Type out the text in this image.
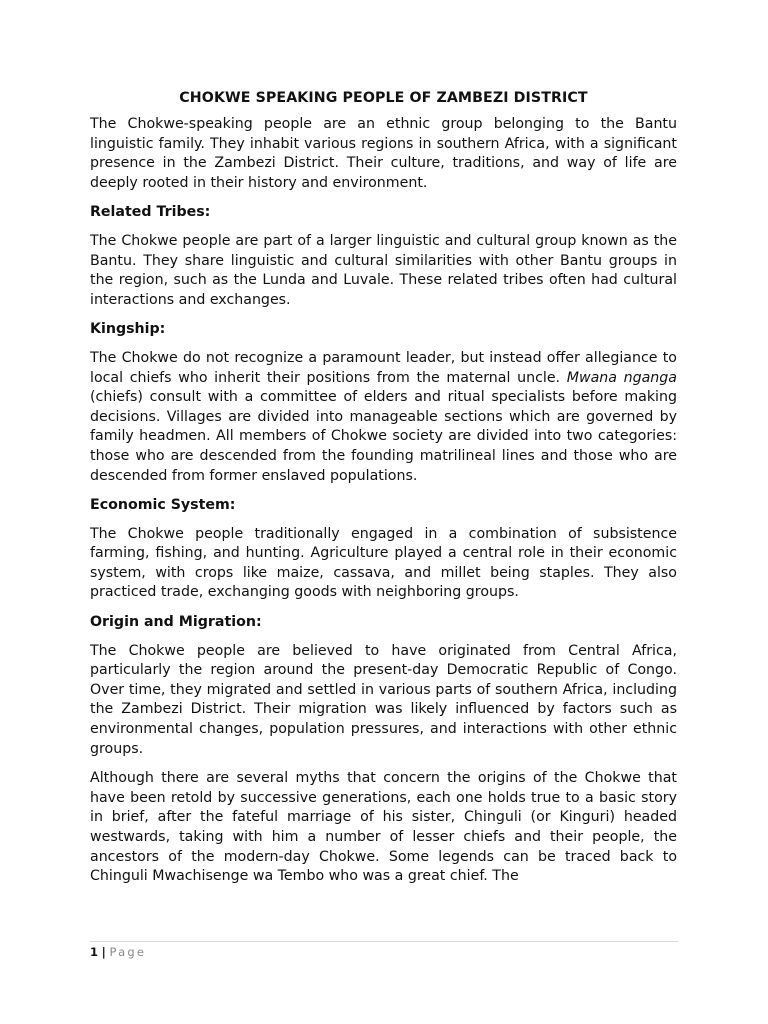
CHOKWE SPEAKING PEOPLE OF ZAMBEZI DISTRICT

The Chokwe-speaking people are an ethnic group belonging to the Bantu linguistic family. They inhabit various regions in southern Africa, with a significant presence in the Zambezi District. Their culture, traditions, and way of life are deeply rooted in their history and environment.

Related Tribes:

The Chokwe people are part of a larger linguistic and cultural group known as the Bantu. They share linguistic and cultural similarities with other Bantu groups in the region, such as the Lunda and Luvale. These related tribes often had cultural interactions and exchanges.

Kingship:

The Chokwe do not recognize a paramount leader, but instead offer allegiance to local chiefs who inherit their positions from the maternal uncle. Mwana nganga (chiefs) consult with a committee of elders and ritual specialists before making decisions. Villages are divided into manageable sections which are governed by family headmen. All members of Chokwe society are divided into two categories: those who are descended from the founding matrilineal lines and those who are descended from former enslaved populations.

Economic System:

The Chokwe people traditionally engaged in a combination of subsistence farming, fishing, and hunting. Agriculture played a central role in their economic system, with crops like maize, cassava, and millet being staples. They also practiced trade, exchanging goods with neighboring groups.

Origin and Migration:

The Chokwe people are believed to have originated from Central Africa, particularly the region around the present-day Democratic Republic of Congo. Over time, they migrated and settled in various parts of southern Africa, including the Zambezi District. Their migration was likely influenced by factors such as environmental changes, population pressures, and interactions with other ethnic groups.

Although there are several myths that concern the origins of the Chokwe that have been retold by successive generations, each one holds true to a basic story in brief, after the fateful marriage of his sister, Chinguli (or Kinguri) headed westwards, taking with him a number of lesser chiefs and their people, the ancestors of the modern-day Chokwe. Some legends can be traced back to Chinguli Mwachisenge wa Tembo who was a great chief. The

1 | Page
